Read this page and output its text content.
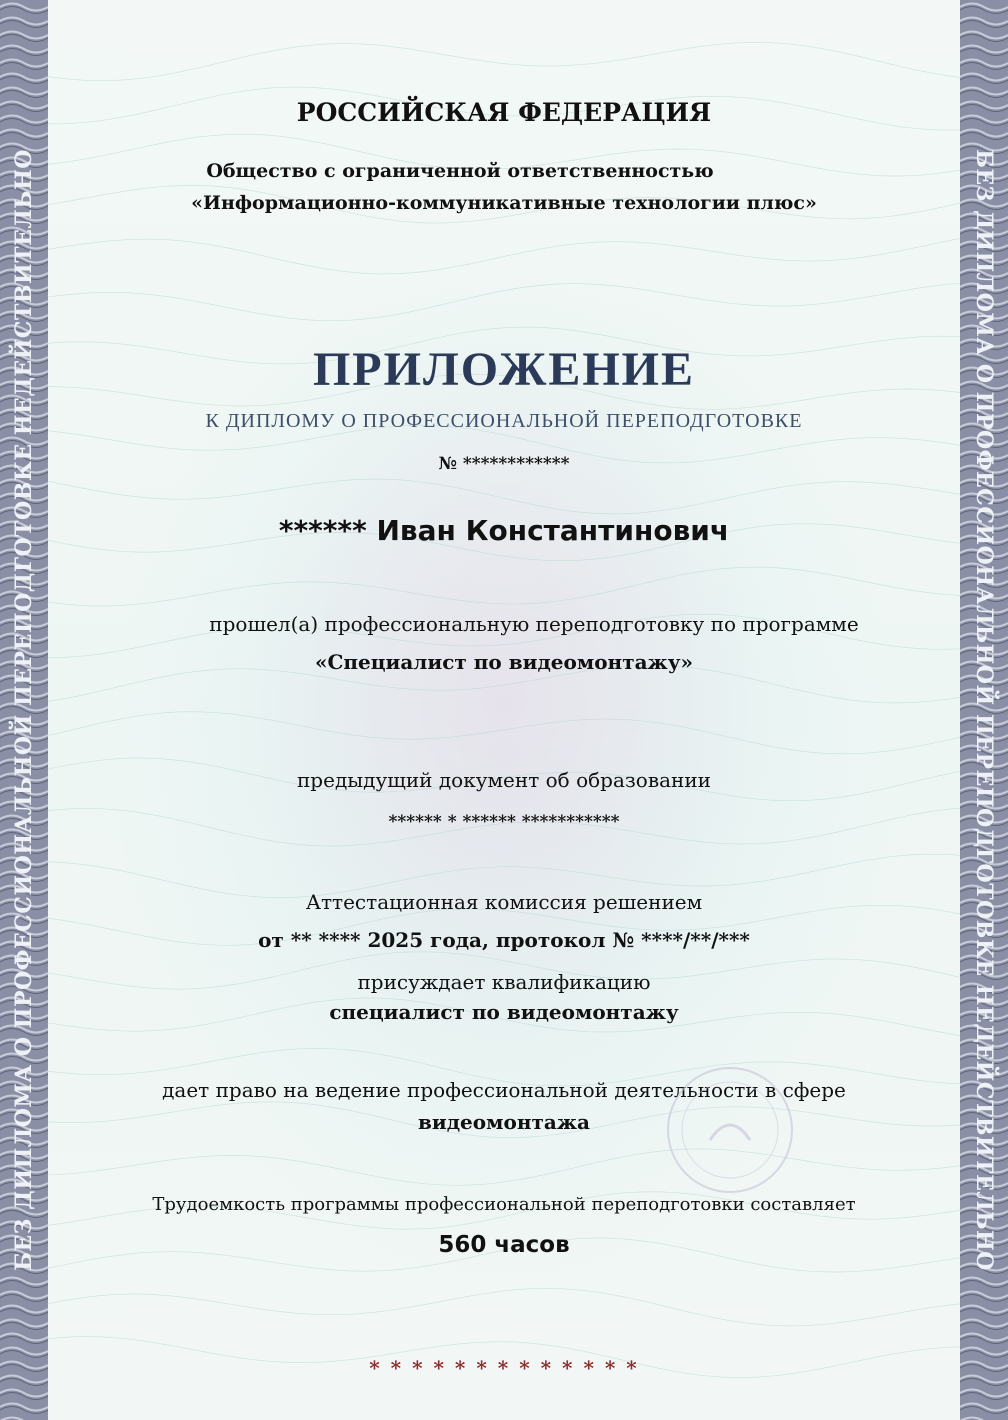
БЕЗ ДИПЛОМА О ПРОФЕССИОНАЛЬНОЙ ПЕРЕПОДГОТОВКЕ НЕДЕЙСТВИТЕЛЬНО	БЕЗ ДИПЛОМА О ПРОФЕССИОНАЛЬНОЙ ПЕРЕПОДГОТОВКЕ НЕДЕЙСТВИТЕЛЬНО
РОССИЙСКАЯ ФЕДЕРАЦИЯ
Общество с ограниченной ответственностью
«Информационно-коммуникативные технологии плюс»
ПРИЛОЖЕНИЕ
К ДИПЛОМУ О ПРОФЕССИОНАЛЬНОЙ ПЕРЕПОДГОТОВКЕ
№ ************
****** Иван Константинович
прошел(а) профессиональную переподготовку по программе
«Специалист по видеомонтажу»
предыдущий документ об образовании
****** * ****** ***********
Аттестационная комиссия решением
от ** **** 2025 года, протокол № ****/**/***
присуждает квалификацию
специалист по видеомонтажу
дает право на ведение профессиональной деятельности в сфере
видеомонтажа
Трудоемкость программы профессиональной переподготовки составляет
560 часов
* * * * * * * * * * * * *
